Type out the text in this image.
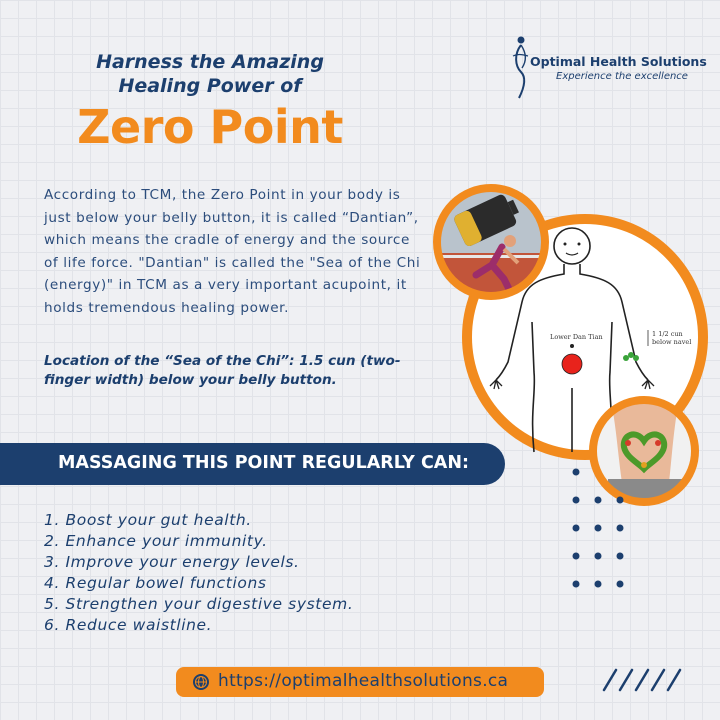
Harness the Amazing
Healing Power of
Zero Point
Optimal Health Solutions
Experience the excellence
According to TCM, the Zero Point in your body is just below your belly button, it is called “Dantian”, which means the cradle of energy and the source of life force. "Dantian" is called the "Sea of the Chi (energy)" in TCM as a very important acupoint, it holds tremendous healing power.
Location of the “Sea of the Chi”: 1.5 cun (two-finger width) below your belly button.
Lower Dan Tian	1 1/2 cun
below navel
MASSAGING THIS POINT REGULARLY CAN:
1. Boost your gut health.
2. Enhance your immunity.
3. Improve your energy levels.
4. Regular bowel functions
5. Strengthen your digestive system.
6. Reduce waistline.
https://optimalhealthsolutions.ca
